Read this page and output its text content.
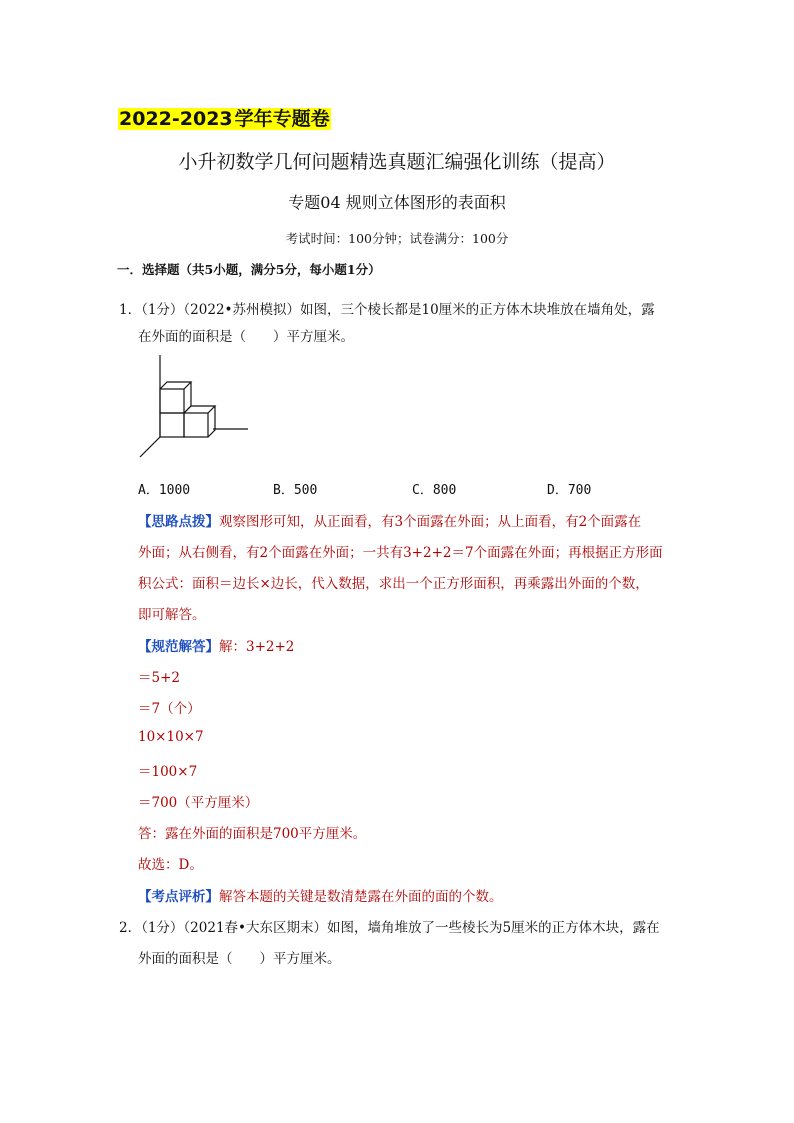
2022-2023 学年专题卷
小升初数学几何问题精选真题汇编强化训练（提高）
专题04 规则立体图形的表面积
考试时间：100分钟；试卷满分：100分
一．选择题（共5小题，满分5分，每小题1分）
1．（1分）（2022•苏州模拟）如图，三个棱长都是10厘米的正方体木块堆放在墙角处，露
在外面的面积是（　　）平方厘米。
A．1000	B．500	C．800	D．700
【思路点拨】观察图形可知，从正面看，有3个面露在外面；从上面看，有2个面露在
外面；从右侧看，有2个面露在外面；一共有3+2+2＝7个面露在外面；再根据正方形面
积公式：面积＝边长×边长，代入数据，求出一个正方形面积，再乘露出外面的个数，
即可解答。
【规范解答】解：3+2+2
＝5+2
＝7（个）
10×10×7
＝100×7
＝700（平方厘米）
答：露在外面的面积是700平方厘米。
故选：D。
【考点评析】解答本题的关键是数清楚露在外面的面的个数。
2．（1分）（2021春•大东区期末）如图，墙角堆放了一些棱长为5厘米的正方体木块，露在
外面的面积是（　　）平方厘米。
